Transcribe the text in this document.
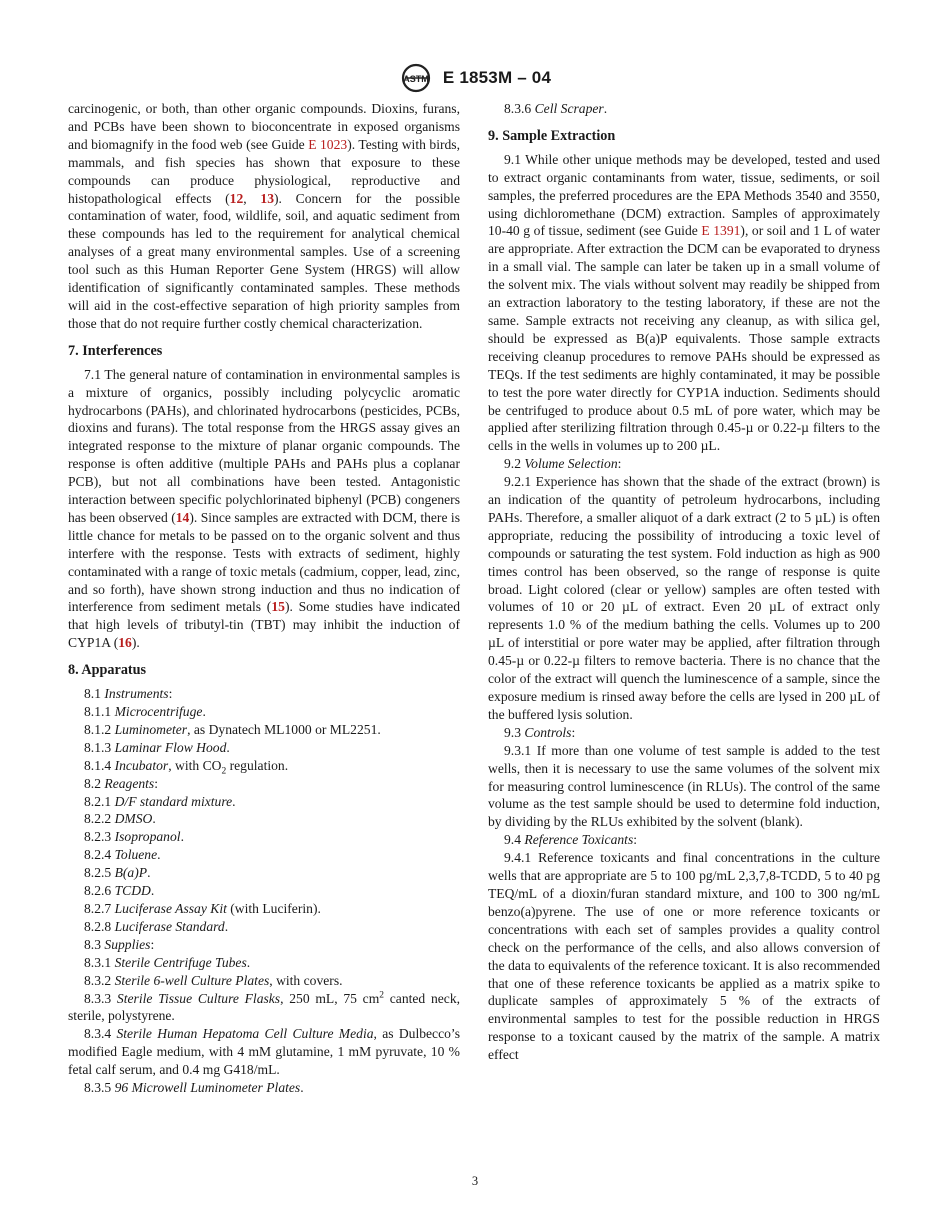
ASTM E 1853M – 04

carcinogenic, or both, than other organic compounds. Dioxins, furans, and PCBs have been shown to bioconcentrate in exposed organisms and biomagnify in the food web (see Guide E 1023). Testing with birds, mammals, and fish species has shown that exposure to these compounds can produce physiological, reproductive and histopathological effects (12, 13). Concern for the possible contamination of water, food, wildlife, soil, and aquatic sediment from these compounds has led to the requirement for analytical chemical analyses of a great many environmental samples. Use of a screening tool such as this Human Reporter Gene System (HRGS) will allow identification of significantly contaminated samples. These methods will aid in the cost-effective separation of high priority samples from those that do not require further costly chemical characterization.

7. Interferences

7.1 The general nature of contamination in environmental samples is a mixture of organics, possibly including polycyclic aromatic hydrocarbons (PAHs), and chlorinated hydrocarbons (pesticides, PCBs, dioxins and furans). The total response from the HRGS assay gives an integrated response to the mixture of planar organic compounds. The response is often additive (multiple PAHs and PAHs plus a coplanar PCB), but not all combinations have been tested. Antagonistic interaction between specific polychlorinated biphenyl (PCB) congeners has been observed (14). Since samples are extracted with DCM, there is little chance for metals to be passed on to the organic solvent and thus interfere with the response. Tests with extracts of sediment, highly contaminated with a range of toxic metals (cadmium, copper, lead, zinc, and so forth), have shown strong induction and thus no indication of interference from sediment metals (15). Some studies have indicated that high levels of tributyl-tin (TBT) may inhibit the induction of CYP1A (16).

8. Apparatus

8.1 Instruments:

8.1.1 Microcentrifuge.

8.1.2 Luminometer, as Dynatech ML1000 or ML2251.

8.1.3 Laminar Flow Hood.

8.1.4 Incubator, with $CO_2$ regulation.

8.2 Reagents:

8.2.1 D/F standard mixture.

8.2.2 DMSO.

8.2.3 Isopropanol.

8.2.4 Toluene.

8.2.5 B(a)P.

8.2.6 TCDD.

8.2.7 Luciferase Assay Kit (with Luciferin).

8.2.8 Luciferase Standard.

8.3 Supplies:

8.3.1 Sterile Centrifuge Tubes.

8.3.2 Sterile 6-well Culture Plates, with covers.

8.3.3 Sterile Tissue Culture Flasks, 250 mL, 75 $cm^2$ canted neck, sterile, polystyrene.

8.3.4 Sterile Human Hepatoma Cell Culture Media, as Dulbecco’s modified Eagle medium, with 4 mM glutamine, 1 mM pyruvate, 10 % fetal calf serum, and 0.4 mg G418/mL.

8.3.5 96 Microwell Luminometer Plates.

8.3.6 Cell Scraper.

9. Sample Extraction

9.1 While other unique methods may be developed, tested and used to extract organic contaminants from water, tissue, sediments, or soil samples, the preferred procedures are the EPA Methods 3540 and 3550, using dichloromethane (DCM) extraction. Samples of approximately 10-40 g of tissue, sediment (see Guide E 1391), or soil and 1 L of water are appropriate. After extraction the DCM can be evaporated to dryness in a small vial. The sample can later be taken up in a small volume of the solvent mix. The vials without solvent may readily be shipped from an extraction laboratory to the testing laboratory, if these are not the same. Sample extracts not receiving any cleanup, as with silica gel, should be expressed as B(a)P equivalents. Those sample extracts receiving cleanup procedures to remove PAHs should be expressed as TEQs. If the test sediments are highly contaminated, it may be possible to test the pore water directly for CYP1A induction. Sediments should be centrifuged to produce about 0.5 mL of pore water, which may be applied after sterilizing filtration through 0.45-µ or 0.22-µ filters to the cells in the wells in volumes up to 200 µL.

9.2 Volume Selection:

9.2.1 Experience has shown that the shade of the extract (brown) is an indication of the quantity of petroleum hydrocarbons, including PAHs. Therefore, a smaller aliquot of a dark extract (2 to 5 µL) is often appropriate, reducing the possibility of introducing a toxic level of compounds or saturating the test system. Fold induction as high as 900 times control has been observed, so the range of response is quite broad. Light colored (clear or yellow) samples are often tested with volumes of 10 or 20 µL of extract. Even 20 µL of extract only represents 1.0 % of the medium bathing the cells. Volumes up to 200 µL of interstitial or pore water may be applied, after filtration through 0.45-µ or 0.22-µ filters to remove bacteria. There is no chance that the color of the extract will quench the luminescence of a sample, since the exposure medium is rinsed away before the cells are lysed in 200 µL of the buffered lysis solution.

9.3 Controls:

9.3.1 If more than one volume of test sample is added to the test wells, then it is necessary to use the same volumes of the solvent mix for measuring control luminescence (in RLUs). The control of the same volume as the test sample should be used to determine fold induction, by dividing by the RLUs exhibited by the solvent (blank).

9.4 Reference Toxicants:

9.4.1 Reference toxicants and final concentrations in the culture wells that are appropriate are 5 to 100 pg/mL 2,3,7,8-TCDD, 5 to 40 pg TEQ/mL of a dioxin/furan standard mixture, and 100 to 300 ng/mL benzo(a)pyrene. The use of one or more reference toxicants or concentrations with each set of samples provides a quality control check on the performance of the cells, and also allows conversion of the data to equivalents of the reference toxicant. It is also recommended that one of these reference toxicants be applied as a matrix spike to duplicate samples of approximately 5 % of the extracts of environmental samples to test for the possible reduction in HRGS response to a toxicant caused by the matrix of the sample. A matrix effect

3
